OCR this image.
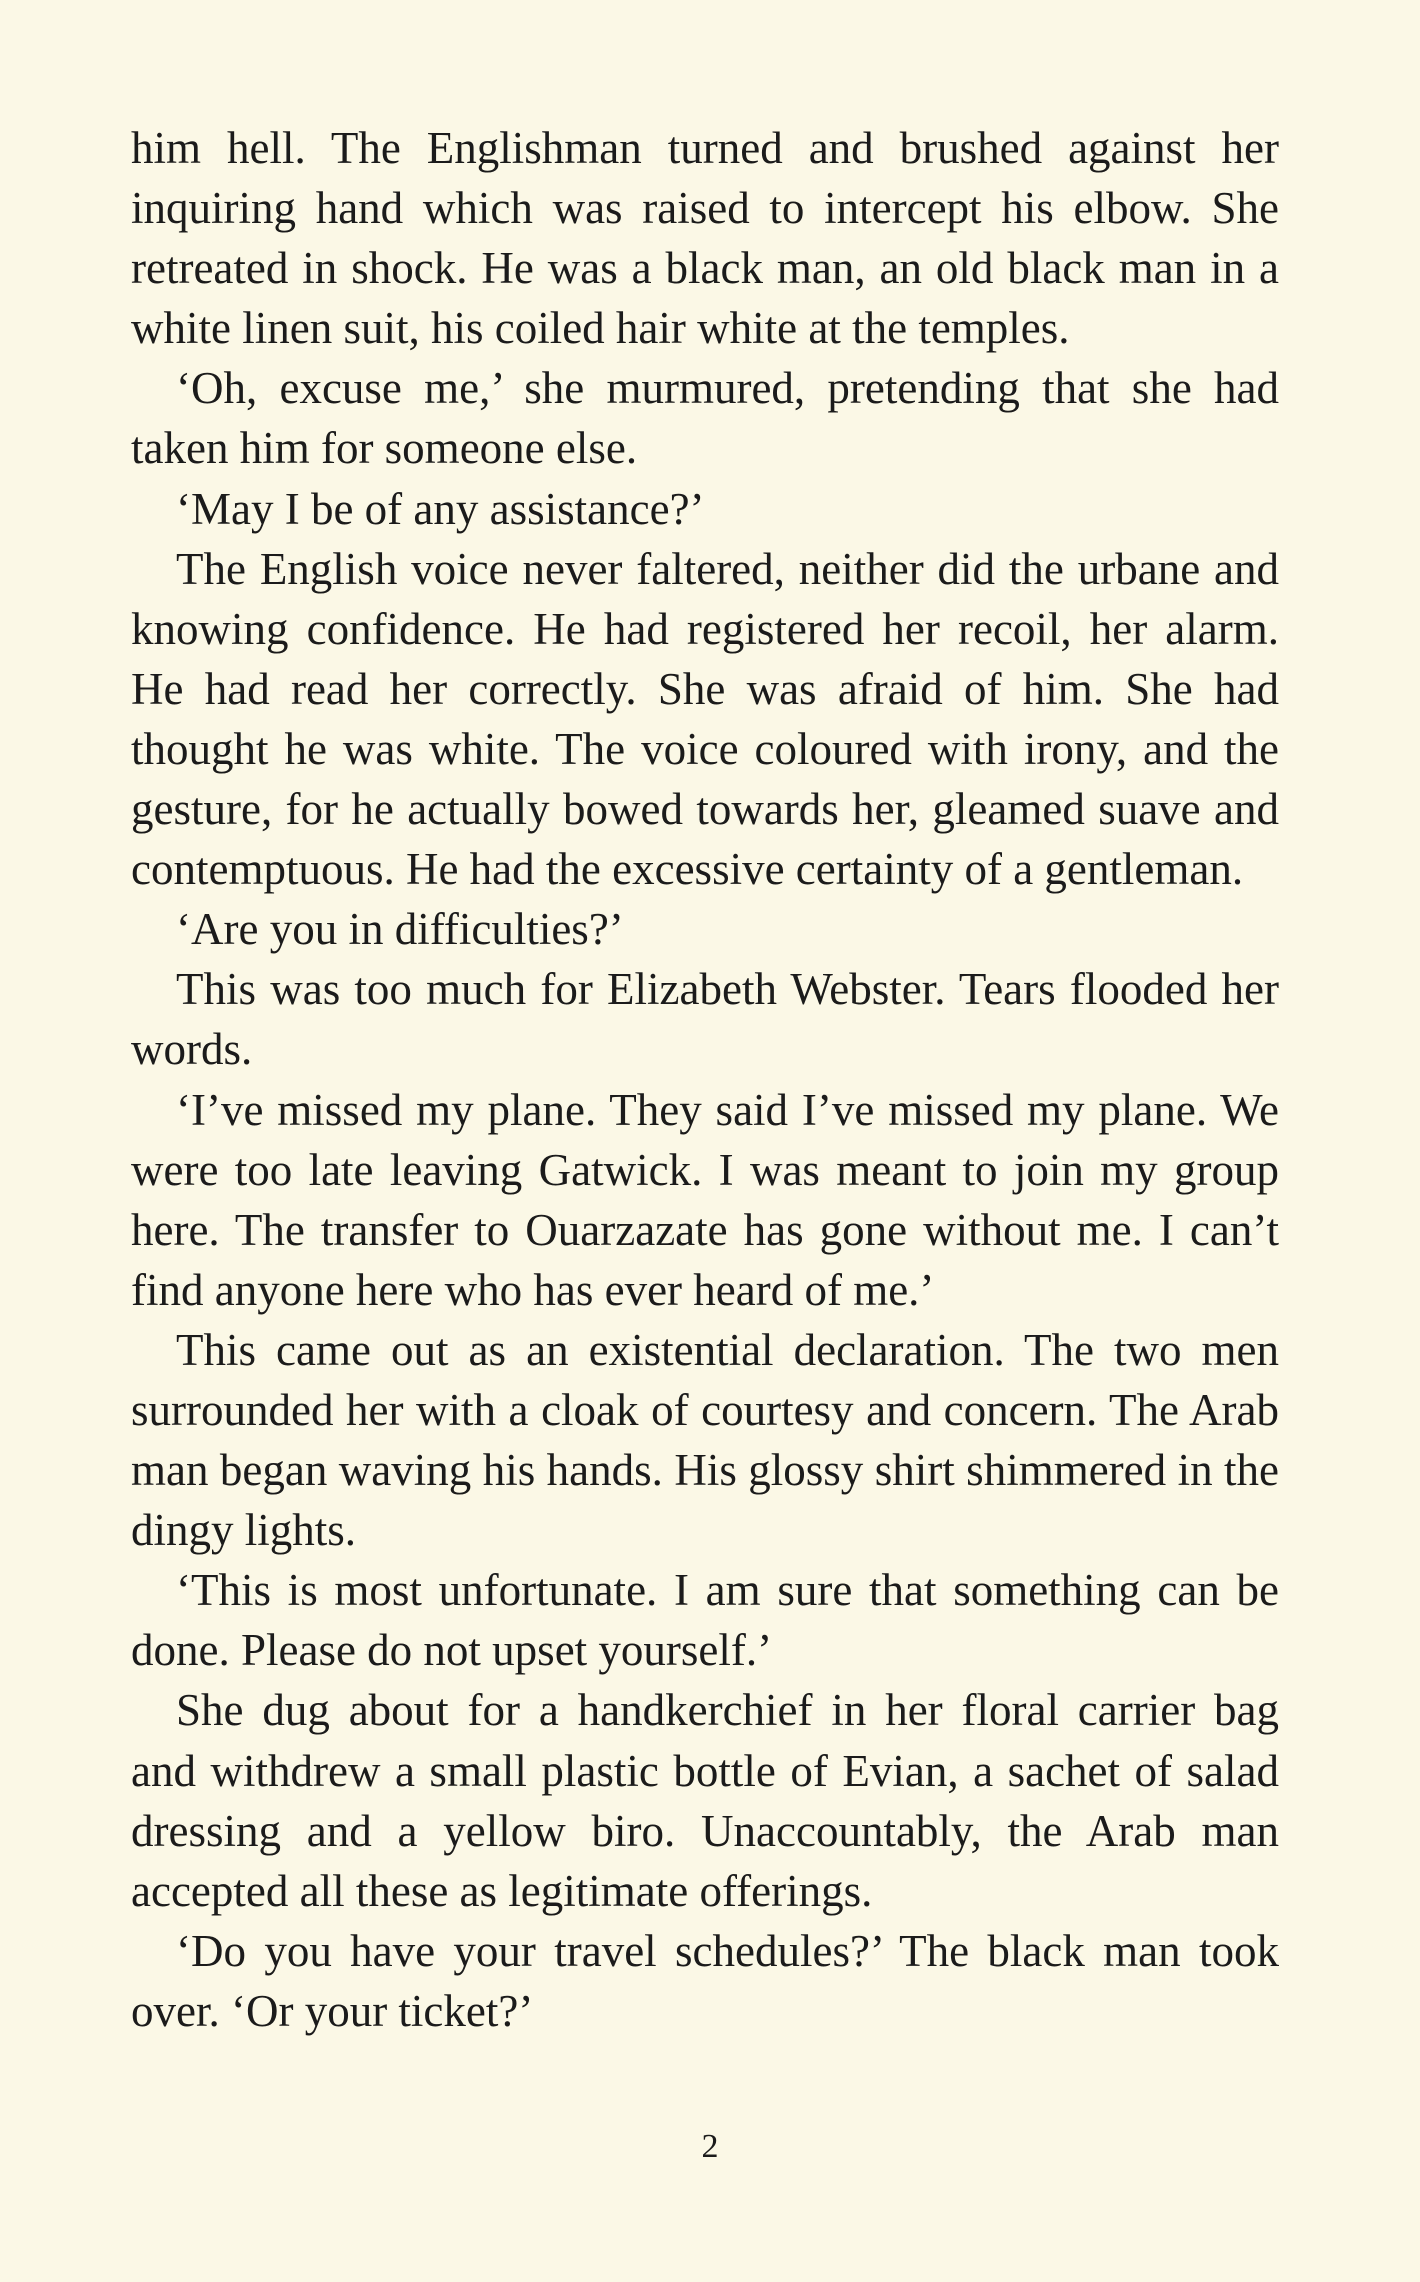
him hell. The Englishman turned and brushed against her inquiring hand which was raised to intercept his elbow. She retreated in shock. He was a black man, an old black man in a white linen suit, his coiled hair white at the temples.

‘Oh, excuse me,’ she murmured, pretending that she had taken him for someone else.

‘May I be of any assistance?’

The English voice never faltered, neither did the urbane and knowing confidence. He had registered her recoil, her alarm. He had read her correctly. She was afraid of him. She had thought he was white. The voice coloured with irony, and the gesture, for he actually bowed towards her, gleamed suave and contemptuous. He had the excessive certainty of a gentleman.

‘Are you in difficulties?’

This was too much for Elizabeth Webster. Tears flooded her words.

‘I’ve missed my plane. They said I’ve missed my plane. We were too late leaving Gatwick. I was meant to join my group here. The transfer to Ouarzazate has gone without me. I can’t find anyone here who has ever heard of me.’

This came out as an existential declaration. The two men surrounded her with a cloak of courtesy and concern. The Arab man began waving his hands. His glossy shirt shimmered in the dingy lights.

‘This is most unfortunate. I am sure that something can be done. Please do not upset yourself.’

She dug about for a handkerchief in her floral carrier bag and withdrew a small plastic bottle of Evian, a sachet of salad dressing and a yellow biro. Unaccountably, the Arab man accepted all these as legitimate offerings.

‘Do you have your travel schedules?’ The black man took over. ‘Or your ticket?’

2
